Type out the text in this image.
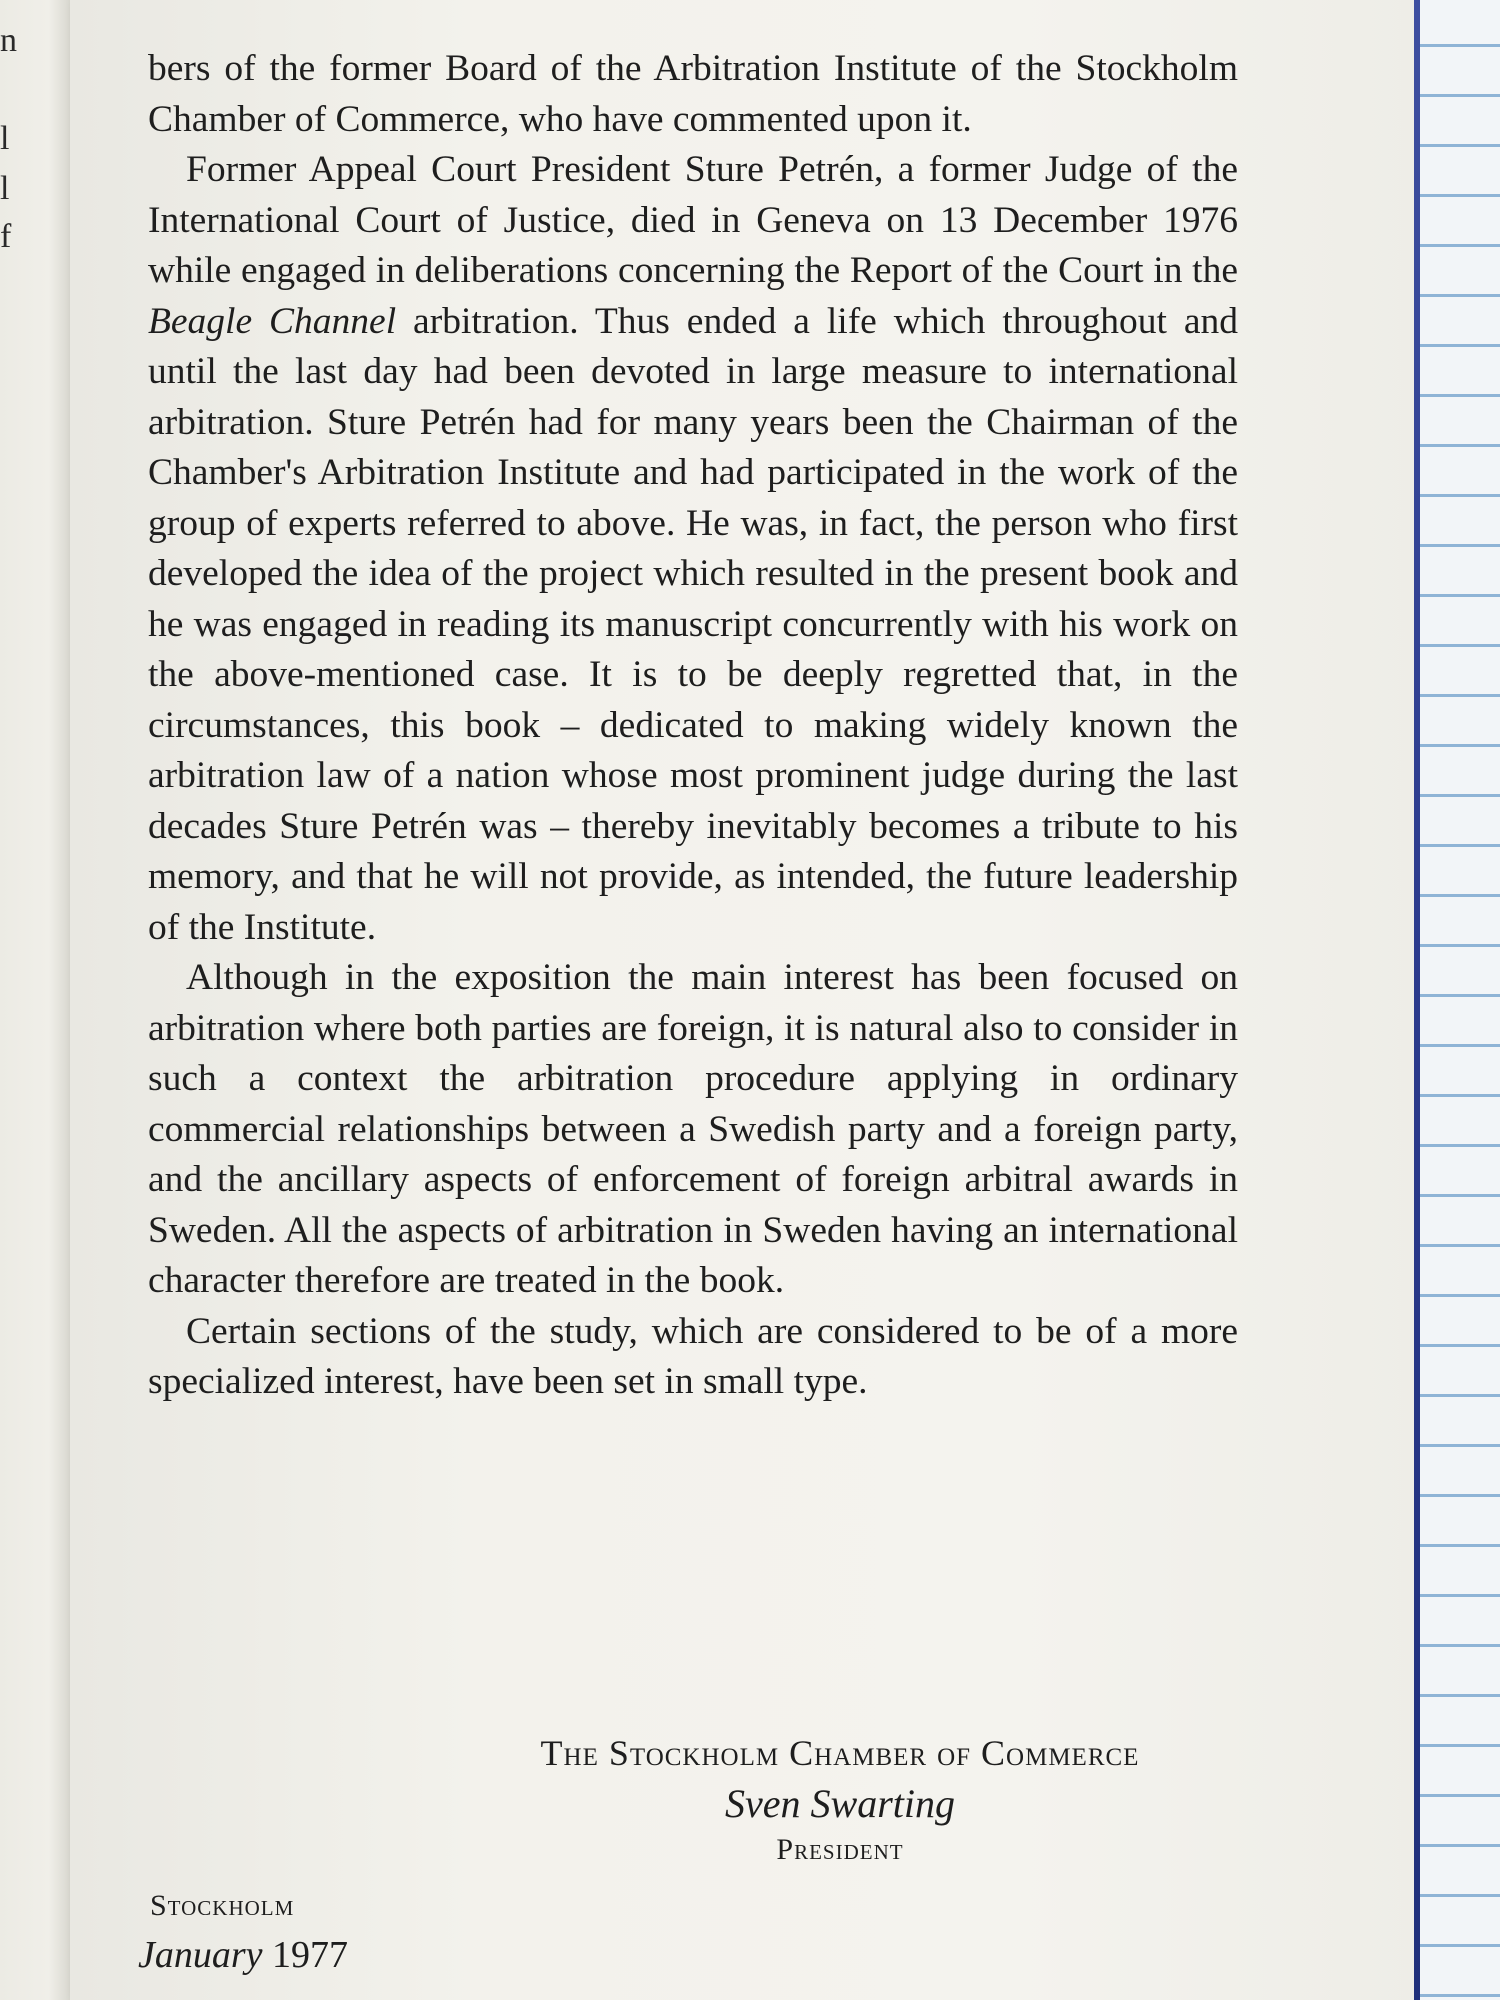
n
l
l
f

bers of the former Board of the Arbitration Institute of the Stockholm Chamber of Commerce, who have commented upon it.

Former Appeal Court President Sture Petrén, a former Judge of the International Court of Justice, died in Geneva on 13 December 1976 while engaged in deliberations concerning the Report of the Court in the Beagle Channel arbitration. Thus ended a life which throughout and until the last day had been devoted in large measure to international arbitration. Sture Petrén had for many years been the Chairman of the Chamber's Arbitration Institute and had participated in the work of the group of experts referred to above. He was, in fact, the person who first developed the idea of the project which resulted in the present book and he was engaged in reading its manuscript concurrently with his work on the above-mentioned case. It is to be deeply regretted that, in the circumstances, this book – dedicated to making widely known the arbitration law of a nation whose most prominent judge during the last decades Sture Petrén was – thereby inevitably becomes a tribute to his memory, and that he will not provide, as intended, the future leadership of the Institute.

Although in the exposition the main interest has been focused on arbitration where both parties are foreign, it is natural also to consider in such a context the arbitration procedure applying in ordinary commercial relationships between a Swedish party and a foreign party, and the ancillary aspects of enforcement of foreign arbitral awards in Sweden. All the aspects of arbitration in Sweden having an international character therefore are treated in the book.

Certain sections of the study, which are considered to be of a more specialized interest, have been set in small type.

The Stockholm Chamber of Commerce
Sven Swarting
President
Stockholm
January 1977
